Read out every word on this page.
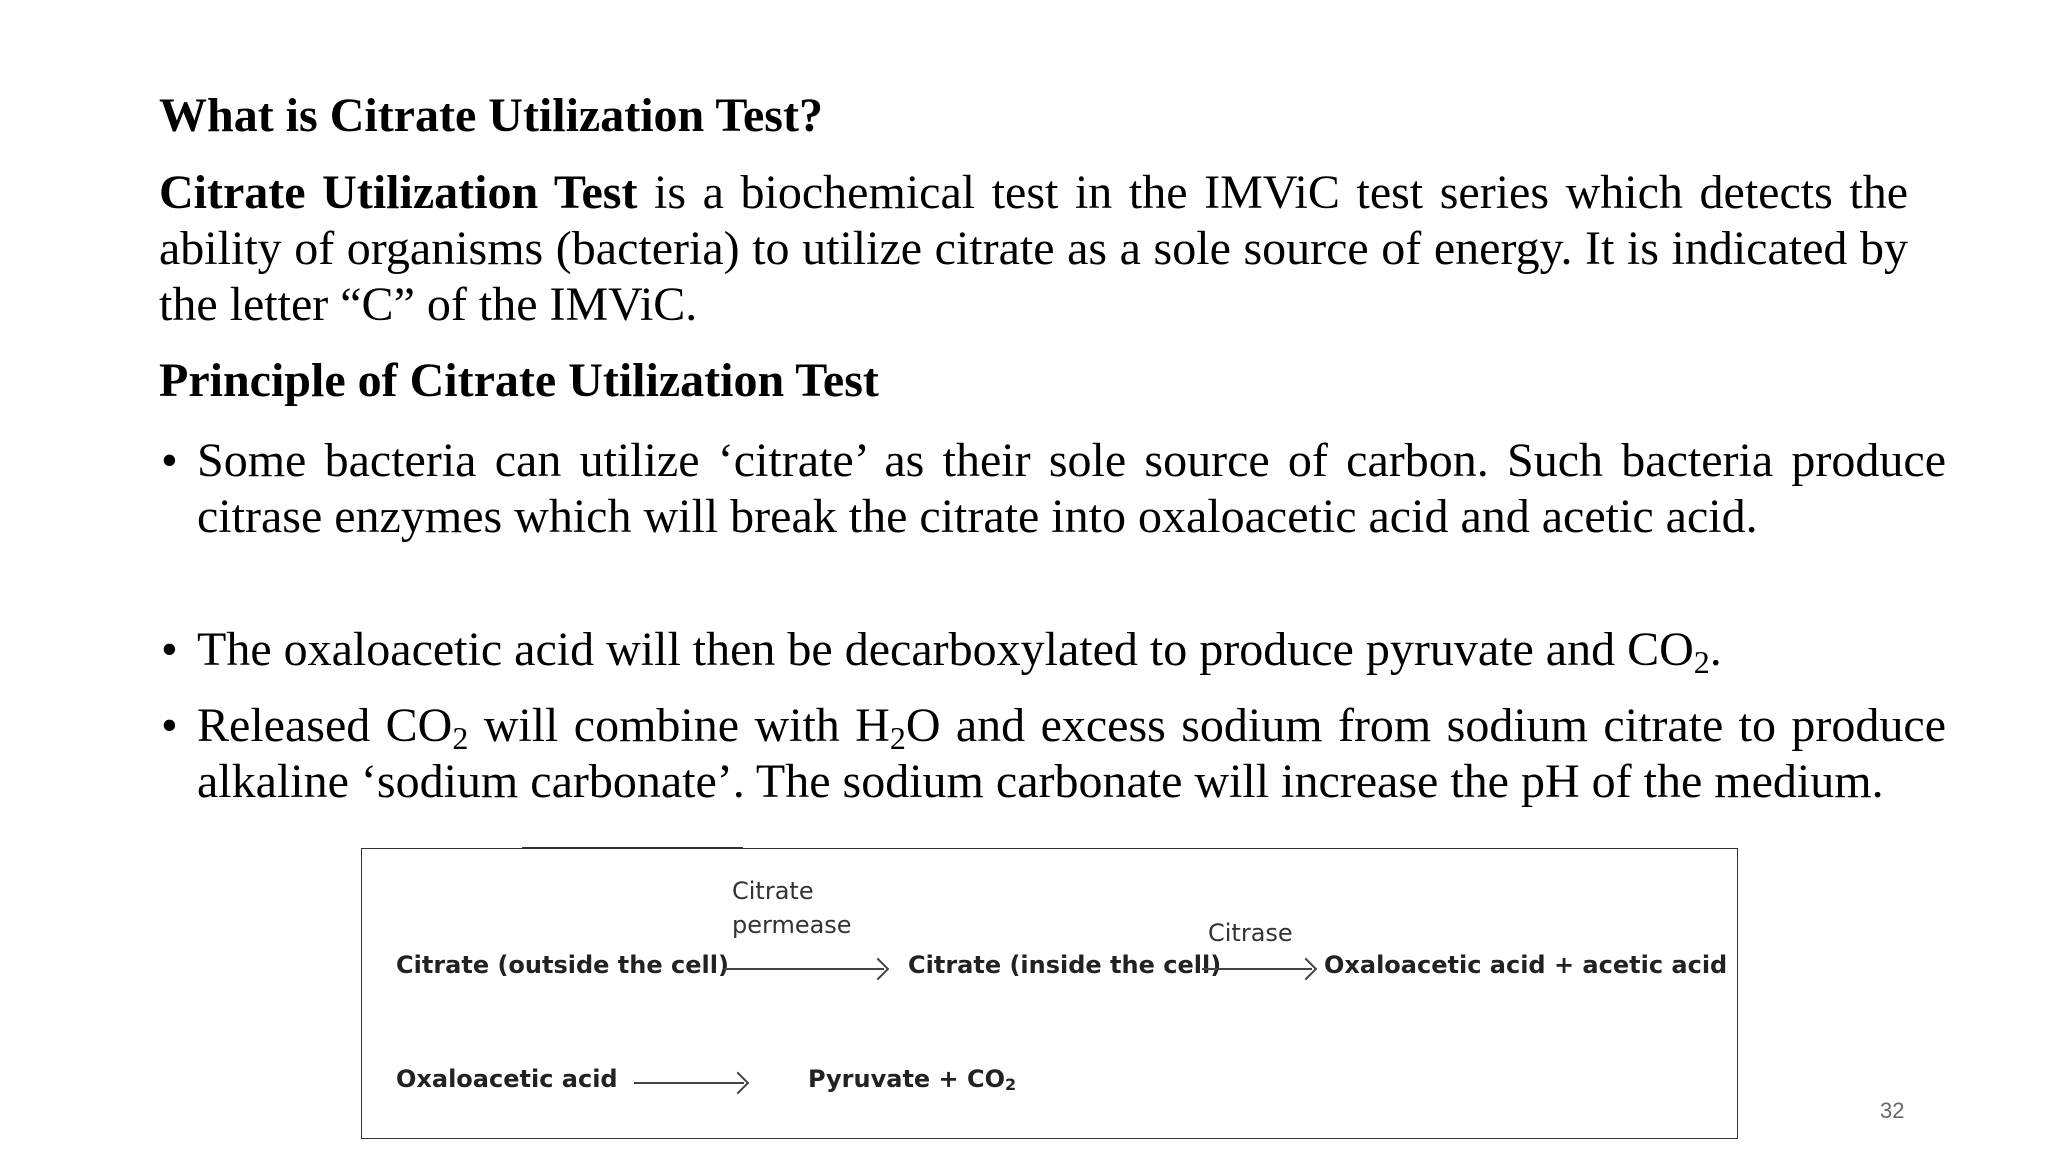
What is Citrate Utilization Test?

Citrate Utilization Test is a biochemical test in the IMViC test series which detects the ability of organisms (bacteria) to utilize citrate as a sole source of energy. It is indicated by the letter “C” of the IMViC.

Principle of Citrate Utilization Test
• Some bacteria can utilize ‘citrate’ as their sole source of carbon. Such bacteria produce citrase enzymes which will break the citrate into oxaloacetic acid and acetic acid.
• The oxaloacetic acid will then be decarboxylated to produce pyruvate and $CO_2$.
• Released $CO_2$ will combine with $H_2O$ and excess sodium from sodium citrate to produce alkaline ‘sodium carbonate’. The sodium carbonate will increase the pH of the medium.
Citrate (outside the cell)
Citrate
permease
Citrate (inside the cell)
Citrase
Oxaloacetic acid + acetic acid
Oxaloacetic acid	Pyruvate + CO2
32
